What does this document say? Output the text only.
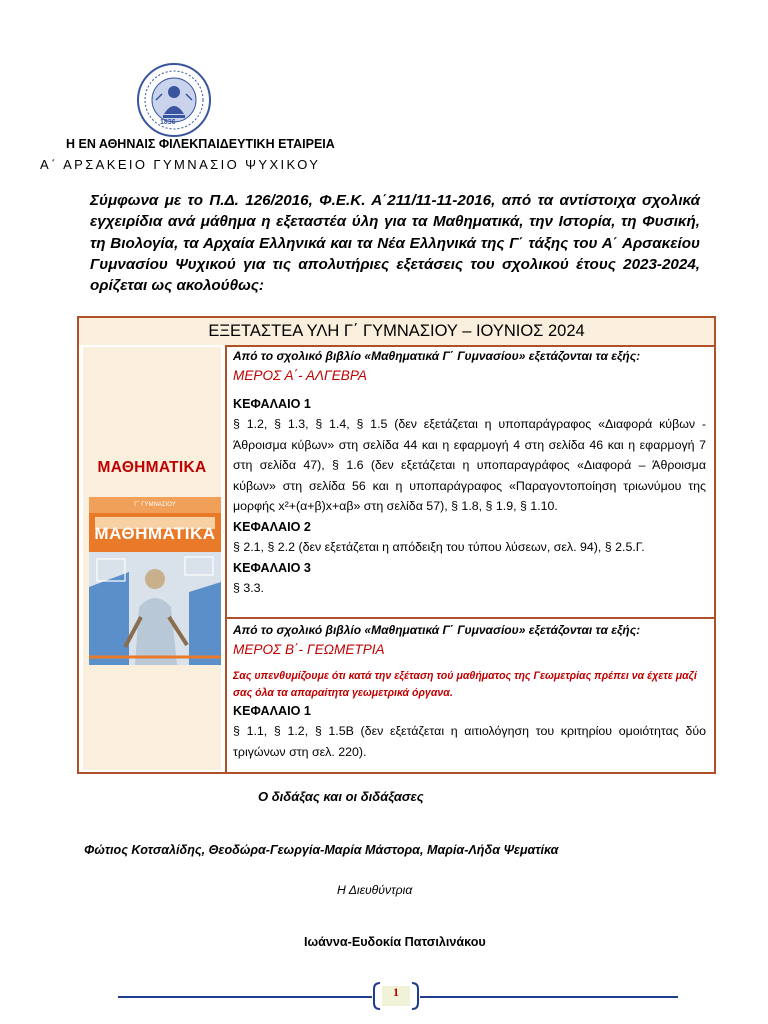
1836
Η ΕΝ ΑΘΗΝΑΙΣ ΦΙΛΕΚΠΑΙΔΕΥΤΙΚΗ ΕΤΑΙΡΕΙΑ
Α΄ ΑΡΣΑΚΕΙΟ ΓΥΜΝΑΣΙΟ ΨΥΧΙΚΟΥ
Σύμφωνα με το Π.Δ. 126/2016, Φ.Ε.Κ. Α΄211/11-11-2016, από τα αντίστοιχα σχολικά εγχειρίδια ανά μάθημα η εξεταστέα ύλη για τα Μαθηματικά, την Ιστορία, τη Φυσική, τη Βιολογία, τα Αρχαία Ελληνικά και τα Νέα Ελληνικά της Γ΄ τάξης του Α΄ Αρσακείου Γυμνασίου Ψυχικού για τις απολυτήριες εξετάσεις του σχολικού έτους 2023-2024, ορίζεται ως ακολούθως:
ΕΞΕΤΑΣΤΕΑ ΥΛΗ Γ΄ ΓΥΜΝΑΣΙΟΥ – ΙΟΥΝΙΟΣ 2024
ΜΑΘΗΜΑΤΙΚΑ
Γ΄ ΓΥΜΝΑΣΙΟΥ
ΜΑΘΗΜΑΤΙΚΑ
Από το σχολικό βιβλίο «Μαθηματικά Γ΄ Γυμνασίου» εξετάζονται τα εξής:
ΜΕΡΟΣ Α΄- ΑΛΓΕΒΡΑ
ΚΕΦΑΛΑΙΟ 1
§ 1.2, § 1.3, § 1.4, § 1.5 (δεν εξετάζεται η υποπαράγραφος «Διαφορά κύβων - Άθροισμα κύβων» στη σελίδα 44 και η εφαρμογή 4 στη σελίδα 46 και η εφαρμογή 7 στη σελίδα 47), § 1.6 (δεν εξετάζεται η υποπαραγράφος «Διαφορά – Άθροισμα κύβων» στη σελίδα 56 και η υποπαράγραφος «Παραγοντοποίηση τριωνύμου της μορφής x²+(α+β)x+αβ» στη σελίδα 57), § 1.8, § 1.9, § 1.10.
ΚΕΦΑΛΑΙΟ 2
§ 2.1, § 2.2 (δεν εξετάζεται η απόδειξη του τύπου λύσεων, σελ. 94), § 2.5.Γ.
ΚΕΦΑΛΑΙΟ 3
§ 3.3.
Από το σχολικό βιβλίο «Μαθηματικά Γ΄ Γυμνασίου» εξετάζονται τα εξής:
ΜΕΡΟΣ Β΄- ΓΕΩΜΕΤΡΙΑ
Σας υπενθυμίζουμε ότι κατά την εξέταση τού μαθήματος της Γεωμετρίας πρέπει να έχετε μαζί σας όλα τα απαραίτητα γεωμετρικά όργανα.
ΚΕΦΑΛΑΙΟ 1
§ 1.1, § 1.2, § 1.5Β (δεν εξετάζεται η αιτιολόγηση του κριτηρίου ομοιότητας δύο τριγώνων στη σελ. 220).
Ο διδάξας και οι διδάξασες
Φώτιος Κοτσαλίδης, Θεοδώρα-Γεωργία-Μαρία Μάστορα, Μαρία-Λήδα Ψεματίκα
Η Διευθύντρια
Ιωάννα-Ευδοκία Πατσιλινάκου
1
